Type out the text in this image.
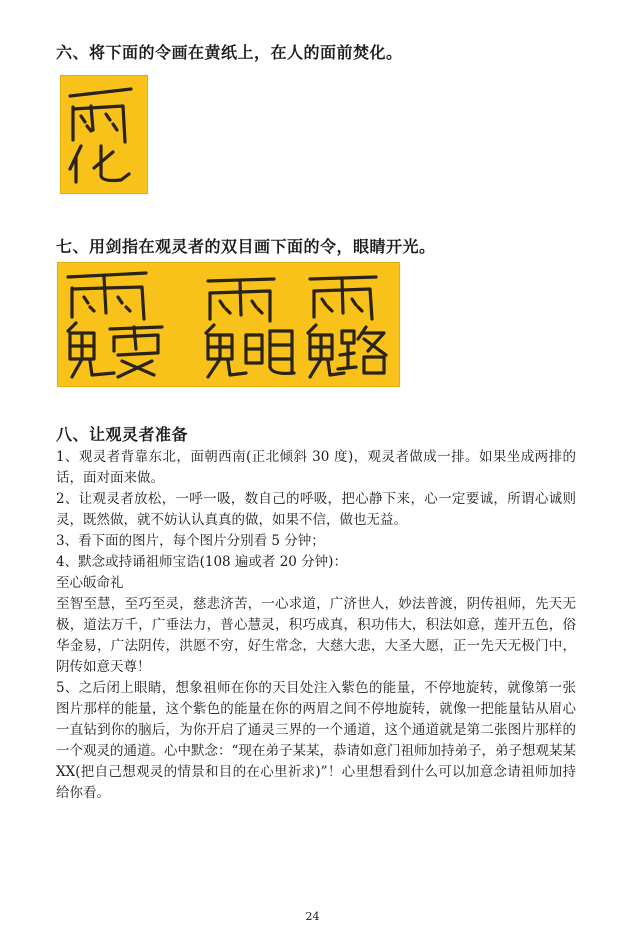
六、将下面的令画在黄纸上，在人的面前焚化。
七、用剑指在观灵者的双目画下面的令，眼睛开光。
八、让观灵者准备

1、观灵者背靠东北，面朝西南(正北倾斜 30 度)，观灵者做成一排。如果坐成两排的话，面对面来做。

2、让观灵者放松，一呼一吸，数自己的呼吸，把心静下来，心一定要诚，所谓心诚则灵，既然做，就不妨认认真真的做，如果不信，做也无益。

3、看下面的图片，每个图片分别看 5 分钟；

4、默念或持诵祖师宝诰(108 遍或者 20 分钟)：

至心皈命礼

至智至慧，至巧至灵，慈悲济苦，一心求道，广济世人，妙法普渡，阴传祖师，先天无极，道法万千，广垂法力，普心慧灵，积巧成真，积功伟大，积法如意，莲开五色，俗华金易，广法阴传，洪愿不穷，好生常念，大慈大悲，大圣大愿，正一先天无极门中，阴传如意天尊！

5、之后闭上眼睛，想象祖师在你的天目处注入紫色的能量，不停地旋转，就像第一张图片那样的能量，这个紫色的能量在你的两眉之间不停地旋转，就像一把能量钻从眉心一直钻到你的脑后，为你开启了通灵三界的一个通道，这个通道就是第二张图片那样的一个观灵的通道。心中默念：“现在弟子某某，恭请如意门祖师加持弟子，弟子想观某某 XX(把自己想观灵的情景和目的在心里祈求)”！心里想看到什么可以加意念请祖师加持给你看。

24
